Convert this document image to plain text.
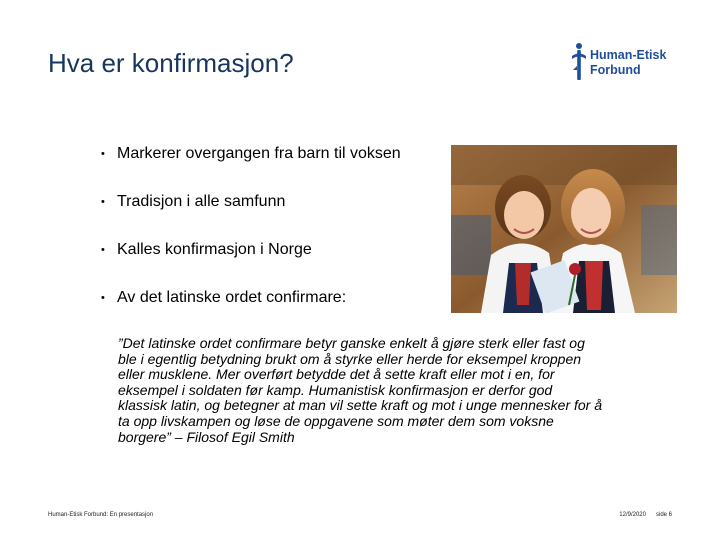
Hva er konfirmasjon?	Human-Etisk
Forbund
• Markerer overgangen fra barn til voksen
• Tradisjon i alle samfunn
• Kalles konfirmasjon i Norge
• Av det latinske ordet confirmare:
”Det latinske ordet confirmare betyr ganske enkelt å gjøre sterk eller fast og
ble i egentlig betydning brukt om å styrke eller herde for eksempel kroppen
eller musklene. Mer overført betydde det å sette kraft eller mot i en, for
eksempel i soldaten før kamp. Humanistisk konfirmasjon er derfor god
klassisk latin, og betegner at man vil sette kraft og mot i unge mennesker for å
ta opp livskampen og løse de oppgavene som møter dem som voksne
borgere” – Filosof Egil Smith
Human-Etisk Forbund: En presentasjon	12/9/2020 side 6
